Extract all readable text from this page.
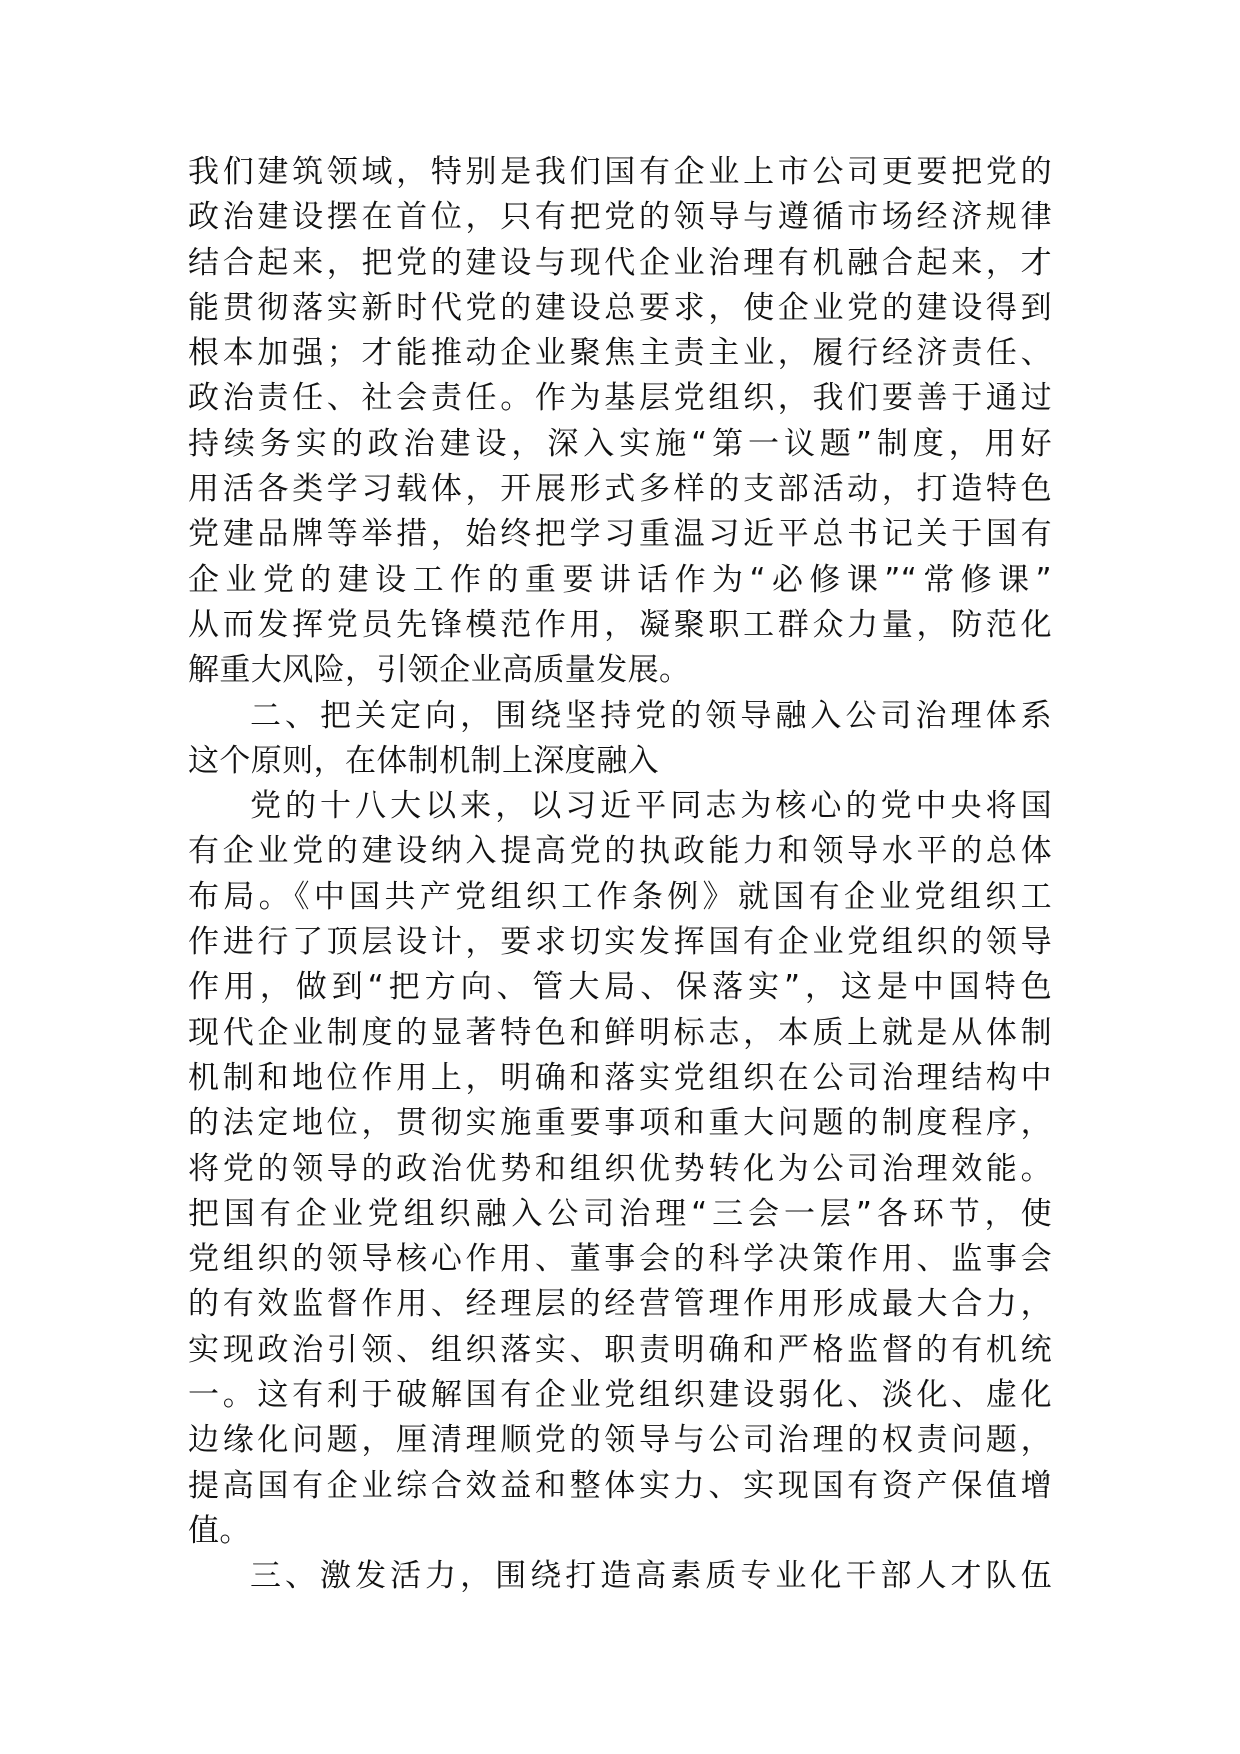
我们建筑领域，特别是我们国有企业上市公司更要把党的
政治建设摆在首位，只有把党的领导与遵循市场经济规律
结合起来，把党的建设与现代企业治理有机融合起来，才
能贯彻落实新时代党的建设总要求，使企业党的建设得到
根本加强；才能推动企业聚焦主责主业，履行经济责任、
政治责任、社会责任。作为基层党组织，我们要善于通过
持续务实的政治建设，深入实施“第一议题”制度，用好
用活各类学习载体，开展形式多样的支部活动，打造特色
党建品牌等举措，始终把学习重温习近平总书记关于国有
企业党的建设工作的重要讲话作为“必修课”“常修课”
从而发挥党员先锋模范作用，凝聚职工群众力量，防范化
解重大风险，引领企业高质量发展。
二、把关定向，围绕坚持党的领导融入公司治理体系
这个原则，在体制机制上深度融入
党的十八大以来，以习近平同志为核心的党中央将国
有企业党的建设纳入提高党的执政能力和领导水平的总体
布局。《中国共产党组织工作条例》就国有企业党组织工
作进行了顶层设计，要求切实发挥国有企业党组织的领导
作用，做到“把方向、管大局、保落实”，这是中国特色
现代企业制度的显著特色和鲜明标志，本质上就是从体制
机制和地位作用上，明确和落实党组织在公司治理结构中
的法定地位，贯彻实施重要事项和重大问题的制度程序，
将党的领导的政治优势和组织优势转化为公司治理效能。
把国有企业党组织融入公司治理“三会一层”各环节，使
党组织的领导核心作用、董事会的科学决策作用、监事会
的有效监督作用、经理层的经营管理作用形成最大合力，
实现政治引领、组织落实、职责明确和严格监督的有机统
一。这有利于破解国有企业党组织建设弱化、淡化、虚化
边缘化问题，厘清理顺党的领导与公司治理的权责问题，
提高国有企业综合效益和整体实力、实现国有资产保值增
值。
三、激发活力，围绕打造高素质专业化干部人才队伍
